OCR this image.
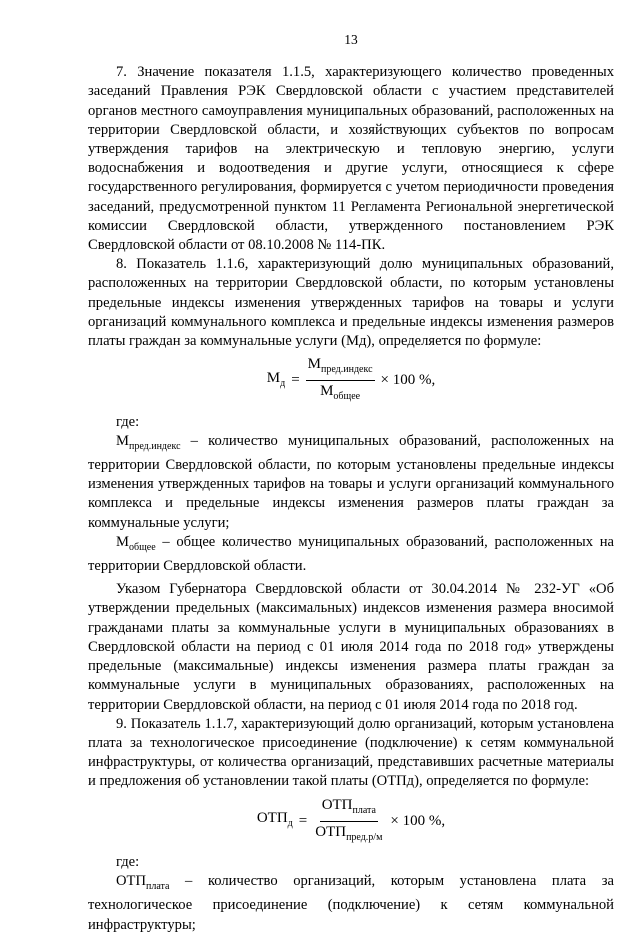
13

7. Значение показателя 1.1.5, характеризующего количество проведенных заседаний Правления РЭК Свердловской области с участием представителей органов местного самоуправления муниципальных образований, расположенных на территории Свердловской области, и хозяйствующих субъектов по вопросам утверждения тарифов на электрическую и тепловую энергию, услуги водоснабжения и водоотведения и другие услуги, относящиеся к сфере государственного регулирования, формируется с учетом периодичности проведения заседаний, предусмотренной пунктом 11 Регламента Региональной энергетической комиссии Свердловской области, утвержденного постановлением РЭК Свердловской области от 08.10.2008 № 114-ПК.

8. Показатель 1.1.6, характеризующий долю муниципальных образований, расположенных на территории Свердловской области, по которым установлены предельные индексы изменения утвержденных тарифов на товары и услуги организаций коммунального комплекса и предельные индексы изменения размеров платы граждан за коммунальные услуги (Мд), определяется по формуле:

$М_д = \frac{М_{пред.индекс}}{М_{общее}} \times 100$ %,

где:

$М_{пред.индекс}$ – количество муниципальных образований, расположенных на территории Свердловской области, по которым установлены предельные индексы изменения утвержденных тарифов на товары и услуги организаций коммунального комплекса и предельные индексы изменения размеров платы граждан за коммунальные услуги;

$М_{общее}$ – общее количество муниципальных образований, расположенных на территории Свердловской области.

Указом Губернатора Свердловской области от 30.04.2014 № 232-УГ «Об утверждении предельных (максимальных) индексов изменения размера вносимой гражданами платы за коммунальные услуги в муниципальных образованиях в Свердловской области на период с 01 июля 2014 года по 2018 год» утверждены предельные (максимальные) индексы изменения размера платы граждан за коммунальные услуги в муниципальных образованиях, расположенных на территории Свердловской области, на период с 01 июля 2014 года по 2018 год.

9. Показатель 1.1.7, характеризующий долю организаций, которым установлена плата за технологическое присоединение (подключение) к сетям коммунальной инфраструктуры, от количества организаций, представивших расчетные материалы и предложения об установлении такой платы (ОТПд), определяется по формуле:

$ОТП_д = \frac{ОТП_{плата}}{ОТП_{пред.р/м}} \times 100$ %,

где:

$ОТП_{плата}$ – количество организаций, которым установлена плата за технологическое присоединение (подключение) к сетям коммунальной инфраструктуры;
